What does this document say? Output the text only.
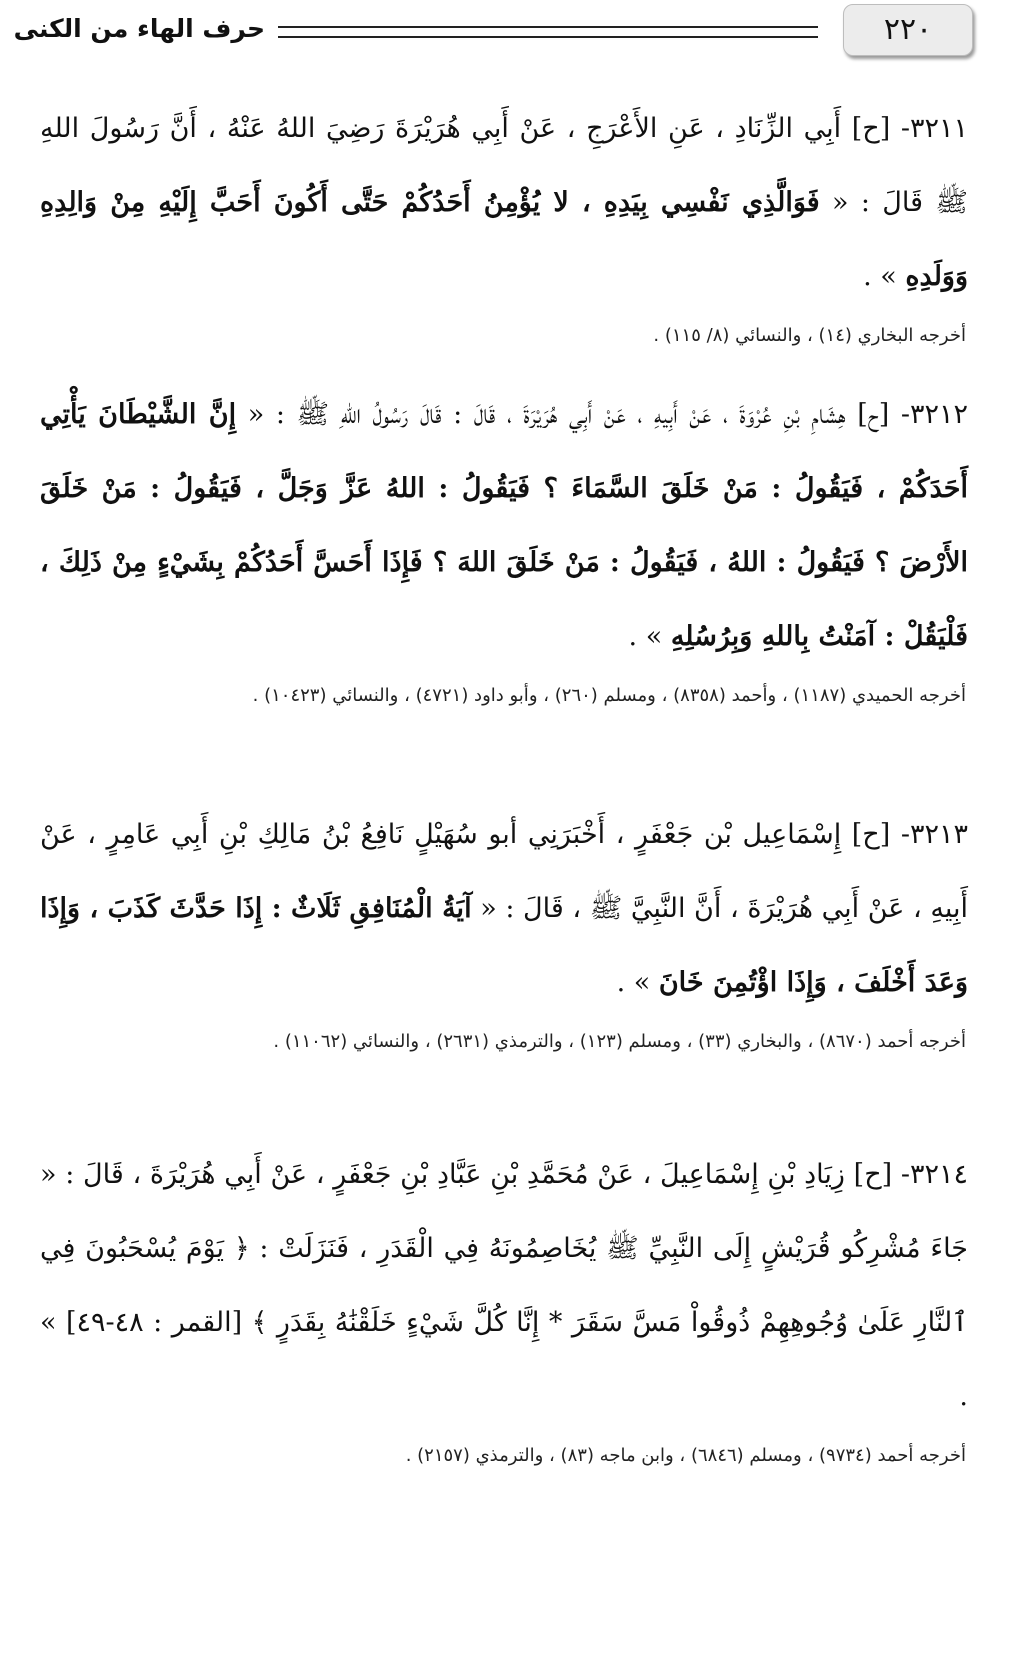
٢٢٠
حرف الهاء من الكنى

٣٢١١- [ح] أَبِي الزِّنَادِ ، عَنِ الأَعْرَجِ ، عَنْ أَبِي هُرَيْرَةَ رَضِيَ اللهُ عَنْهُ ، أَنَّ رَسُولَ اللهِ ﷺ قَالَ : « فَوَالَّذِي نَفْسِي بِيَدِهِ ، لا يُؤْمِنُ أَحَدُكُمْ حَتَّى أَكُونَ أَحَبَّ إِلَيْهِ مِنْ وَالِدِهِ وَوَلَدِهِ » .

أخرجه البخاري (١٤) ، والنسائي (٨/ ١١٥) .

٣٢١٢- [ح] هِشَامِ بْنِ عُرْوَةَ ، عَنْ أَبِيهِ ، عَنْ أَبِي هُرَيْرَةَ ، قَالَ : قَالَ رَسُولُ اللهِ ﷺ : « إِنَّ الشَّيْطَانَ يَأْتِي أَحَدَكُمْ ، فَيَقُولُ : مَنْ خَلَقَ السَّمَاءَ ؟ فَيَقُولُ : اللهُ عَزَّ وَجَلَّ ، فَيَقُولُ : مَنْ خَلَقَ الأَرْضَ ؟ فَيَقُولُ : اللهُ ، فَيَقُولُ : مَنْ خَلَقَ اللهَ ؟ فَإِذَا أَحَسَّ أَحَدُكُمْ بِشَيْءٍ مِنْ ذَلِكَ ، فَلْيَقُلْ : آمَنْتُ بِاللهِ وَبِرُسُلِهِ » .

أخرجه الحميدي (١١٨٧) ، وأحمد (٨٣٥٨) ، ومسلم (٢٦٠) ، وأبو داود (٤٧٢١) ، والنسائي (١٠٤٢٣) .

٣٢١٣- [ح] إِسْمَاعِيل بْن جَعْفَرٍ ، أَخْبَرَنِي أبو سُهَيْلٍ نَافِعُ بْنُ مَالِكِ بْنِ أَبِي عَامِرٍ ، عَنْ أَبِيهِ ، عَنْ أَبِي هُرَيْرَةَ ، أَنَّ النَّبِيَّ ﷺ ، قَالَ : « آيَةُ الْمُنَافِقِ ثَلَاثٌ : إِذَا حَدَّثَ كَذَبَ ، وَإِذَا وَعَدَ أَخْلَفَ ، وَإِذَا اؤْتُمِنَ خَانَ » .

أخرجه أحمد (٨٦٧٠) ، والبخاري (٣٣) ، ومسلم (١٢٣) ، والترمذي (٢٦٣١) ، والنسائي (١١٠٦٢) .

٣٢١٤- [ح] زِيَادِ بْنِ إِسْمَاعِيلَ ، عَنْ مُحَمَّدِ بْنِ عَبَّادِ بْنِ جَعْفَرٍ ، عَنْ أَبِي هُرَيْرَةَ ، قَالَ : « جَاءَ مُشْرِكُو قُرَيْشٍ إِلَى النَّبِيِّ ﷺ يُخَاصِمُونَهُ فِي الْقَدَرِ ، فَنَزَلَتْ : ﴿ يَوْمَ يُسْحَبُونَ فِي ٱلنَّارِ عَلَىٰ وُجُوهِهِمْ ذُوقُواْ مَسَّ سَقَرَ * إِنَّا كُلَّ شَيْءٍ خَلَقْنَٰهُ بِقَدَرٍ ﴾ [القمر : ٤٨-٤٩] » .

أخرجه أحمد (٩٧٣٤) ، ومسلم (٦٨٤٦) ، وابن ماجه (٨٣) ، والترمذي (٢١٥٧) .
